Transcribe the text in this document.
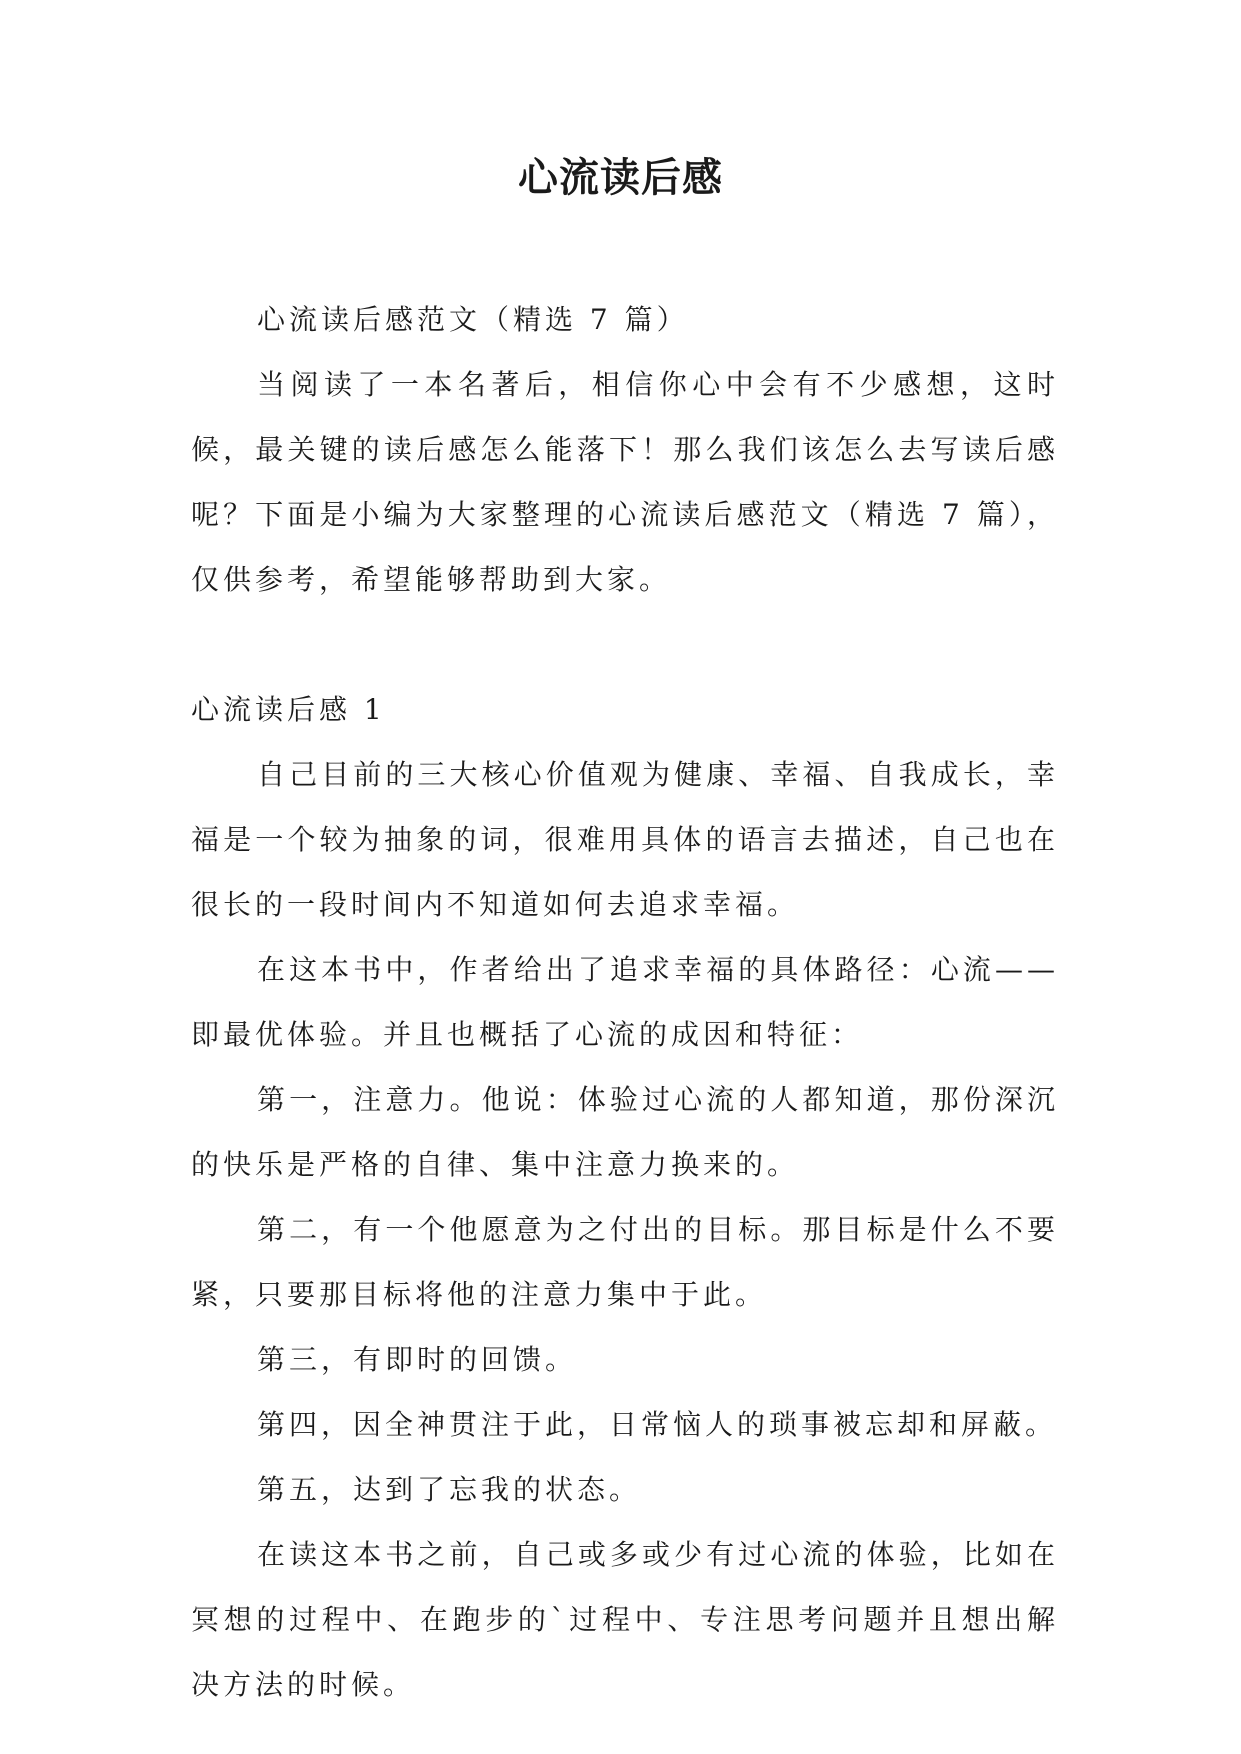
心流读后感

心流读后感范文（精选 7 篇）

当阅读了一本名著后，相信你心中会有不少感想，这时候，最关键的读后感怎么能落下！那么我们该怎么去写读后感呢？下面是小编为大家整理的心流读后感范文（精选 7 篇），仅供参考，希望能够帮助到大家。

心流读后感 1

自己目前的三大核心价值观为健康、幸福、自我成长，幸福是一个较为抽象的词，很难用具体的语言去描述，自己也在很长的一段时间内不知道如何去追求幸福。

在这本书中，作者给出了追求幸福的具体路径：心流——即最优体验。并且也概括了心流的成因和特征：

第一，注意力。他说：体验过心流的人都知道，那份深沉的快乐是严格的自律、集中注意力换来的。

第二，有一个他愿意为之付出的目标。那目标是什么不要紧，只要那目标将他的注意力集中于此。

第三，有即时的回馈。

第四，因全神贯注于此，日常恼人的琐事被忘却和屏蔽。

第五，达到了忘我的状态。

在读这本书之前，自己或多或少有过心流的体验，比如在冥想的过程中、在跑步的`过程中、专注思考问题并且想出解决方法的时候。
